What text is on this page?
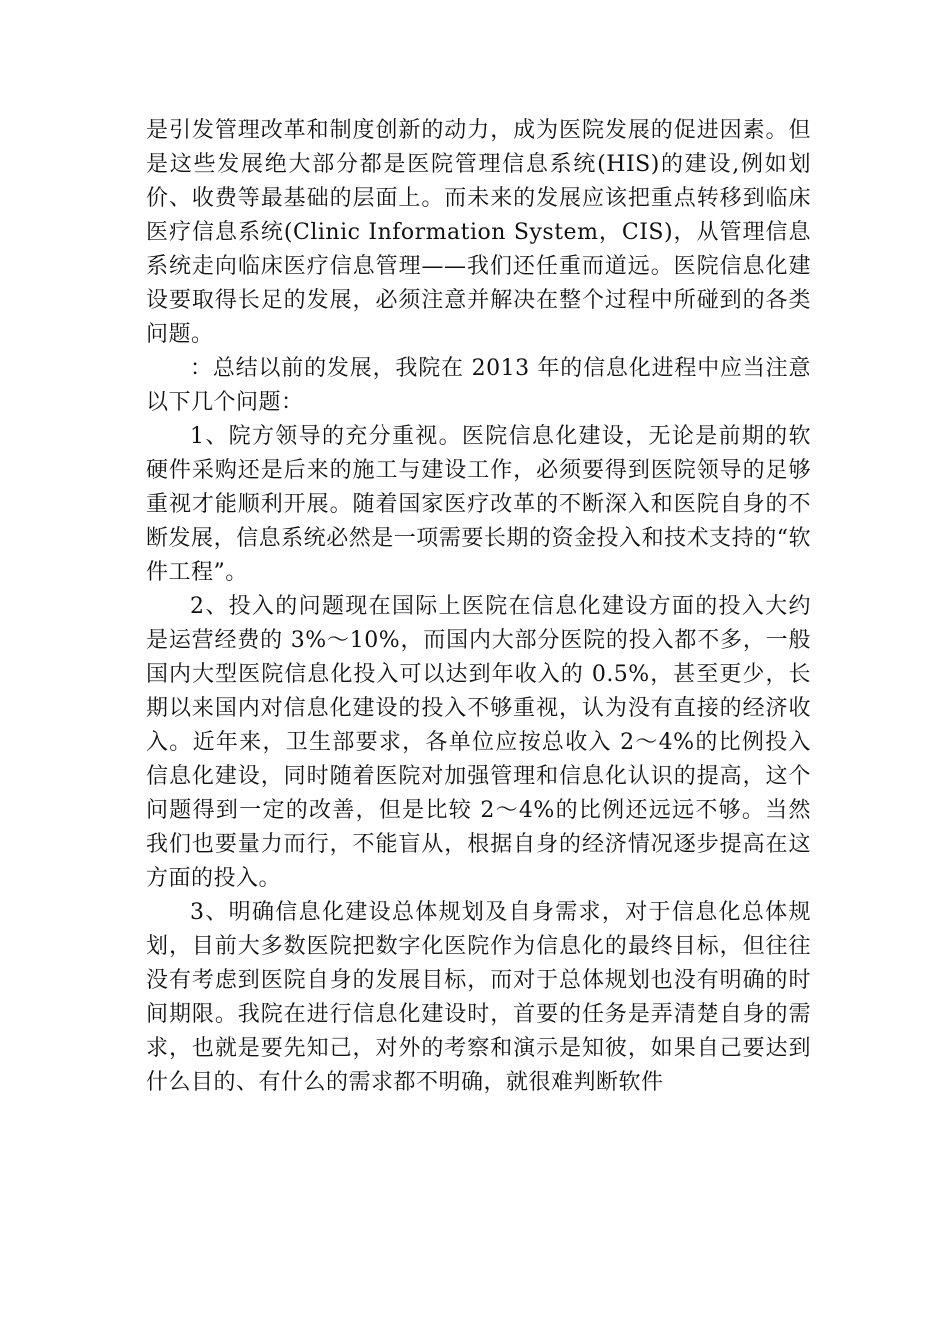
是引发管理改革和制度创新的动力，成为医院发展的促进因素。但是这些发展绝大部分都是医院管理信息系统(HIS)的建设,例如划价、收费等最基础的层面上。而未来的发展应该把重点转移到临床医疗信息系统(Clinic Information System，CIS)，从管理信息系统走向临床医疗信息管理——我们还任重而道远。医院信息化建设要取得长足的发展，必须注意并解决在整个过程中所碰到的各类问题。

：总结以前的发展，我院在 2013 年的信息化进程中应当注意以下几个问题：

1、院方领导的充分重视。医院信息化建设，无论是前期的软硬件采购还是后来的施工与建设工作，必须要得到医院领导的足够重视才能顺利开展。随着国家医疗改革的不断深入和医院自身的不断发展，信息系统必然是一项需要长期的资金投入和技术支持的“软件工程”。

2、投入的问题现在国际上医院在信息化建设方面的投入大约是运营经费的 3%～10%，而国内大部分医院的投入都不多，一般国内大型医院信息化投入可以达到年收入的 0.5%，甚至更少，长期以来国内对信息化建设的投入不够重视，认为没有直接的经济收入。近年来，卫生部要求，各单位应按总收入 2～4%的比例投入信息化建设，同时随着医院对加强管理和信息化认识的提高，这个问题得到一定的改善，但是比较 2～4%的比例还远远不够。当然我们也要量力而行，不能盲从，根据自身的经济情况逐步提高在这方面的投入。

3、明确信息化建设总体规划及自身需求，对于信息化总体规划，目前大多数医院把数字化医院作为信息化的最终目标，但往往没有考虑到医院自身的发展目标，而对于总体规划也没有明确的时间期限。我院在进行信息化建设时，首要的任务是弄清楚自身的需求，也就是要先知己，对外的考察和演示是知彼，如果自己要达到什么目的、有什么的需求都不明确，就很难判断软件
